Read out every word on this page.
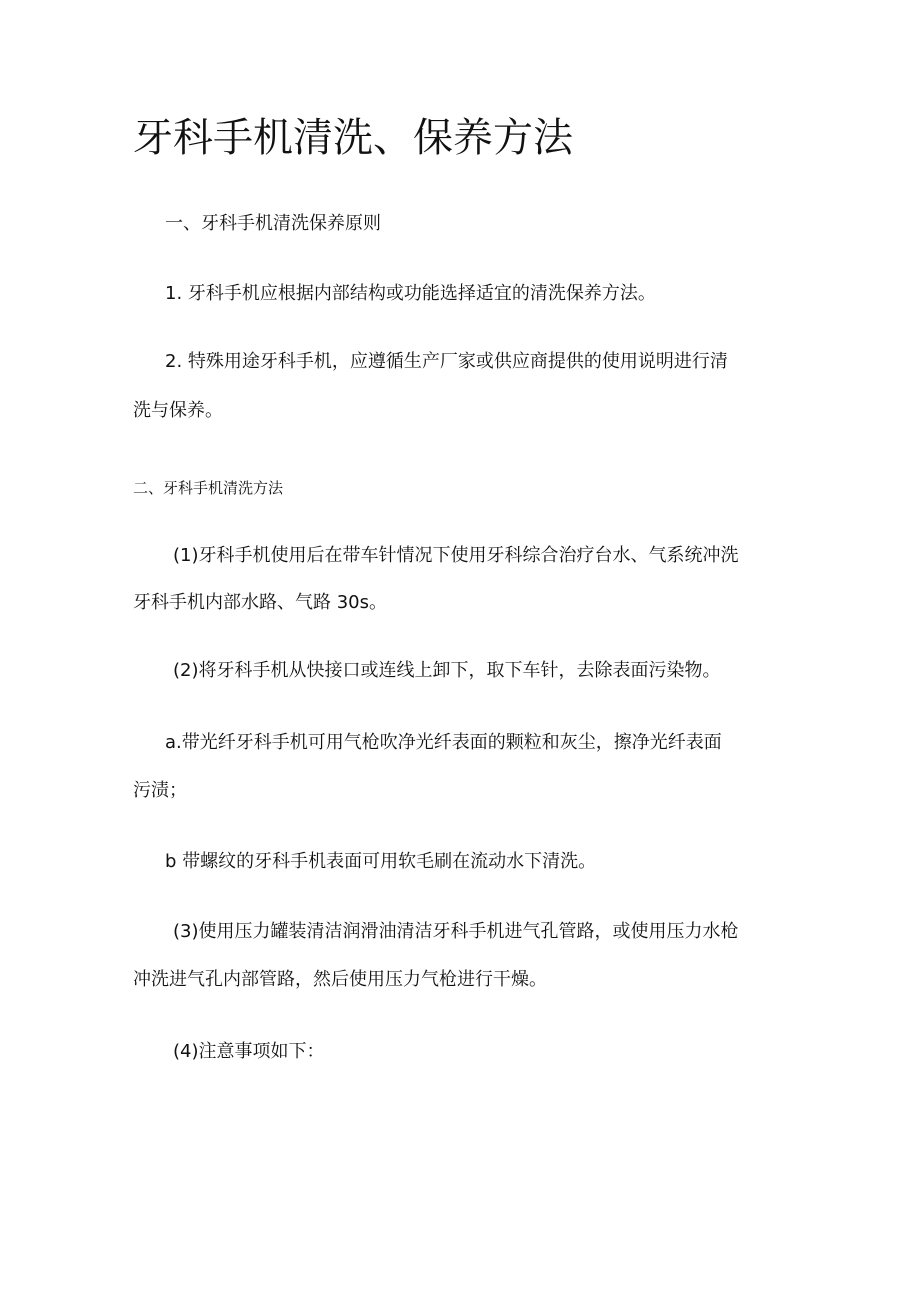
牙科手机清洗、保养方法

一、牙科手机清洗保养原则

1. 牙科手机应根据内部结构或功能选择适宜的清洗保养方法。

2. 特殊用途牙科手机，应遵循生产厂家或供应商提供的使用说明进行清

洗与保养。

二、牙科手机清洗方法

(1)牙科手机使用后在带车针情况下使用牙科综合治疗台水、气系统冲洗

牙科手机内部水路、气路 30s。

(2)将牙科手机从快接口或连线上卸下，取下车针，去除表面污染物。

a.带光纤牙科手机可用气枪吹净光纤表面的颗粒和灰尘，擦净光纤表面

污渍；

b 带螺纹的牙科手机表面可用软毛刷在流动水下清洗。

(3)使用压力罐装清洁润滑油清洁牙科手机进气孔管路，或使用压力水枪

冲洗进气孔内部管路，然后使用压力气枪进行干燥。

(4)注意事项如下：
